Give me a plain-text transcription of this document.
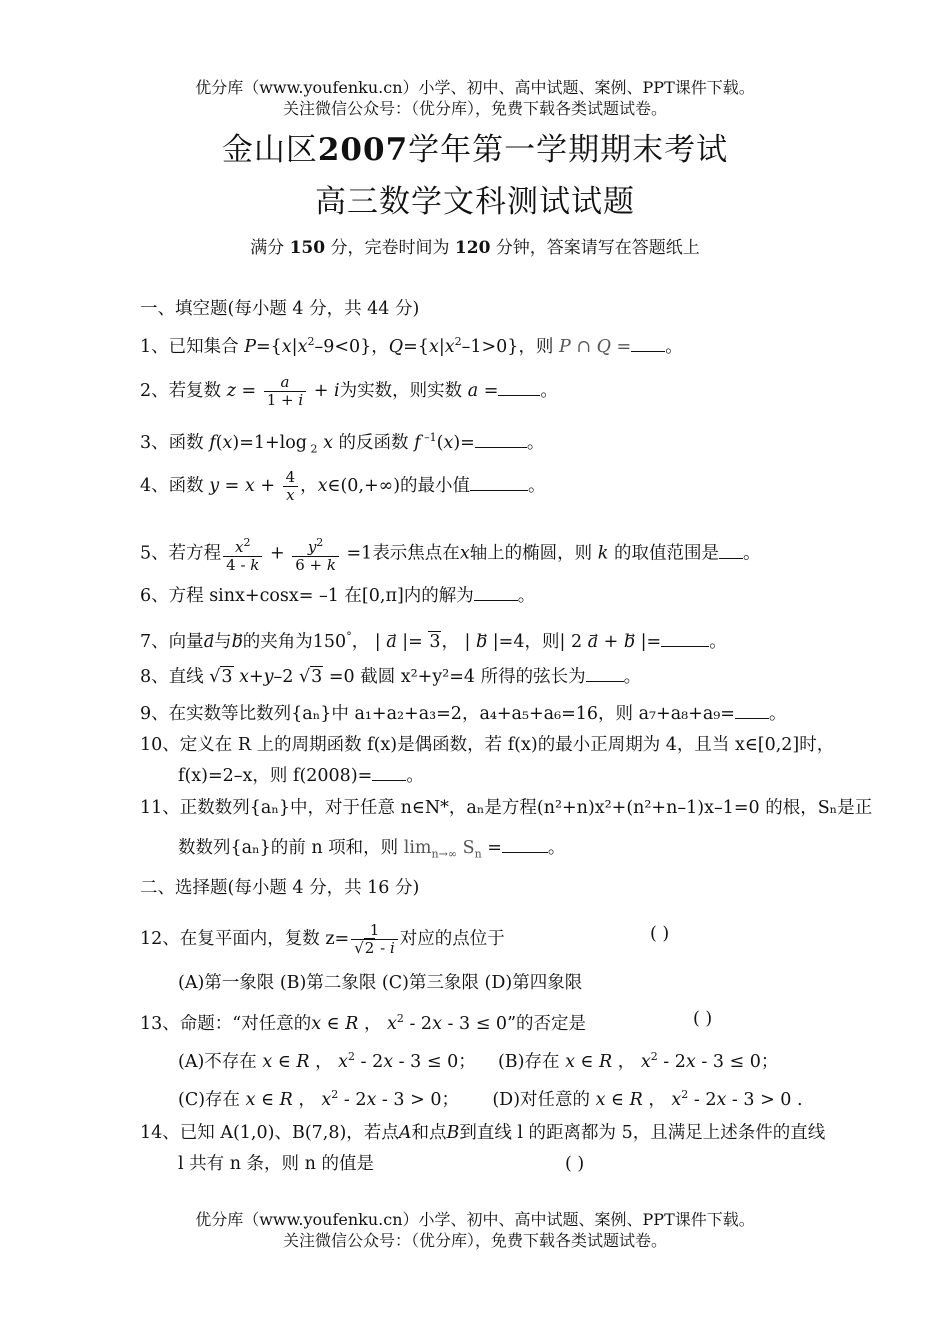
优分库（www.youfenku.cn）小学、初中、高中试题、案例、PPT课件下载。
关注微信公众号：（优分库），免费下载各类试题试卷。
金山区2007学年第一学期期末考试
高三数学文科测试试题
满分 150 分，完卷时间为 120 分钟，答案请写在答题纸上
一、填空题(每小题 4 分，共 44 分)
1、已知集合 $P=\{x|x^2-9<0\}$，$Q=\{x|x^2-1>0\}$，则 P ∩ Q = 。
2、若复数 $z = \frac{a}{1 + i} + i$为实数，则实数 a = 。
3、函数 f(x)=1+log $_2$ x 的反函数 f $^{-1}$(x)=	。
4、函数 $y = x + \frac{4}{x}$ ，x∈(0,+∞)的最小值	。
5、若方程 $\frac{x^2}{4 - k} + \frac{y^2}{6 + k} =1$表示焦点在x轴上的椭圆，则 k 的取值范围是 。
6、方程 sinx+cosx= –1 在[0,π]内的解为	。
7、向量a与b的夹角为150°， | a⃗ |= 3， | b⃗ |=4，则| 2 a⃗ + b⃗ |=	。
8、直线 √3 x+y–2 √3 =0 截圆 x²+y²=4 所得的弦长为 。
9、在实数等比数列{aₙ}中 a₁+a₂+a₃=2，a₄+a₅+a₆=16，则 a₇+a₈+a₉= 。
10、定义在 R 上的周期函数 f(x)是偶函数，若 f(x)的最小正周期为 4，且当 x∈[0,2]时，
f(x)=2–x，则 f(2008)= 。
11、正数数列{aₙ}中，对于任意 n∈N*，aₙ是方程(n²+n)x²+(n²+n–1)x–1=0 的根，Sₙ是正
数数列{aₙ}的前 n 项和，则 $\lim_{n\to\infty} S_n$ =	。
二、选择题(每小题 4 分，共 16 分)
12、在复平面内，复数 $z= \frac{1}{√2 - i}$ 对应的点位于	( )
(A)第一象限 (B)第二象限 (C)第三象限 (D)第四象限
13、命题：“对任意的x ∈ R ， $x^2 - 2x - 3 \le 0$”的否定是	( )
(A)不存在 x ∈ R ， $x^2 - 2x - 3 \le 0$；    (B)存在 x ∈ R ， $x^2 - 2x - 3 \le 0$；
(C)存在 x ∈ R ， $x^2 - 2x - 3 > 0$；      (D)对任意的 x ∈ R ， $x^2 - 2x - 3 > 0$ .
14、已知 A(1,0)、B(7,8)，若点A和点B到直线 l 的距离都为 5，且满足上述条件的直线
l 共有 n 条，则 n 的值是	( )
优分库（www.youfenku.cn）小学、初中、高中试题、案例、PPT课件下载。
关注微信公众号：（优分库），免费下载各类试题试卷。
